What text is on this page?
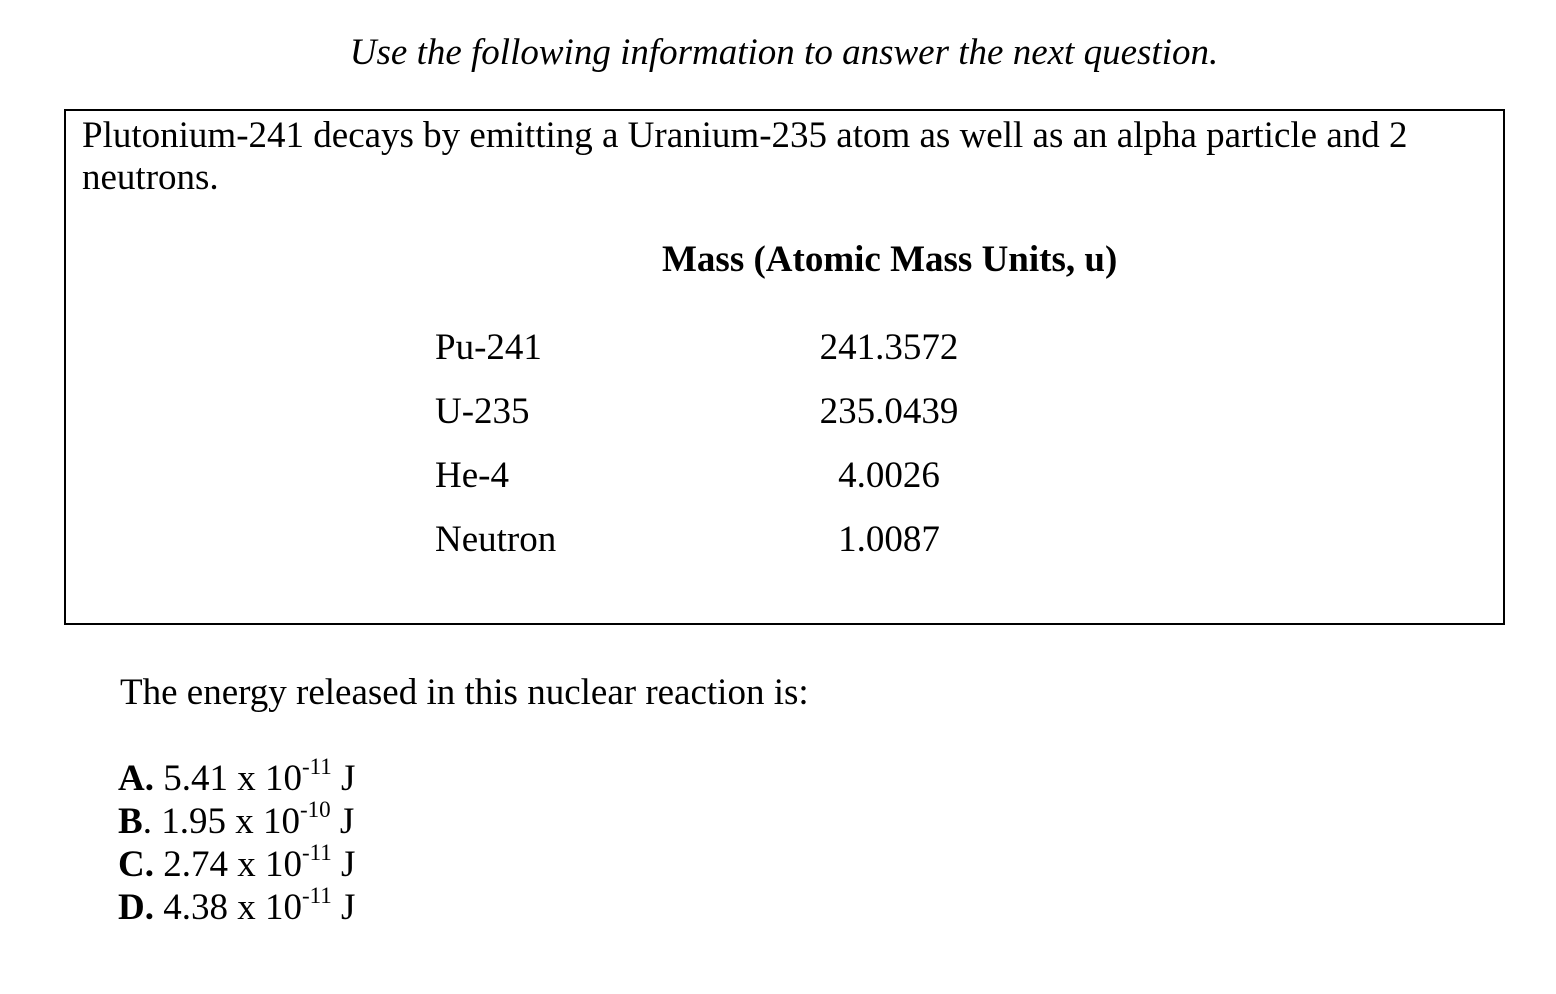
Use the following information to answer the next question.
Plutonium-241 decays by emitting a Uranium-235 atom as well as an alpha particle and 2 neutrons.
Mass (Atomic Mass Units, u)
Pu-241	241.3572
U-235	235.0439
He-4	4.0026
Neutron	1.0087
The energy released in this nuclear reaction is:
A. 5.41 x $10^{-11}$ J
B. 1.95 x $10^{-10}$ J
C. 2.74 x $10^{-11}$ J
D. 4.38 x $10^{-11}$ J
